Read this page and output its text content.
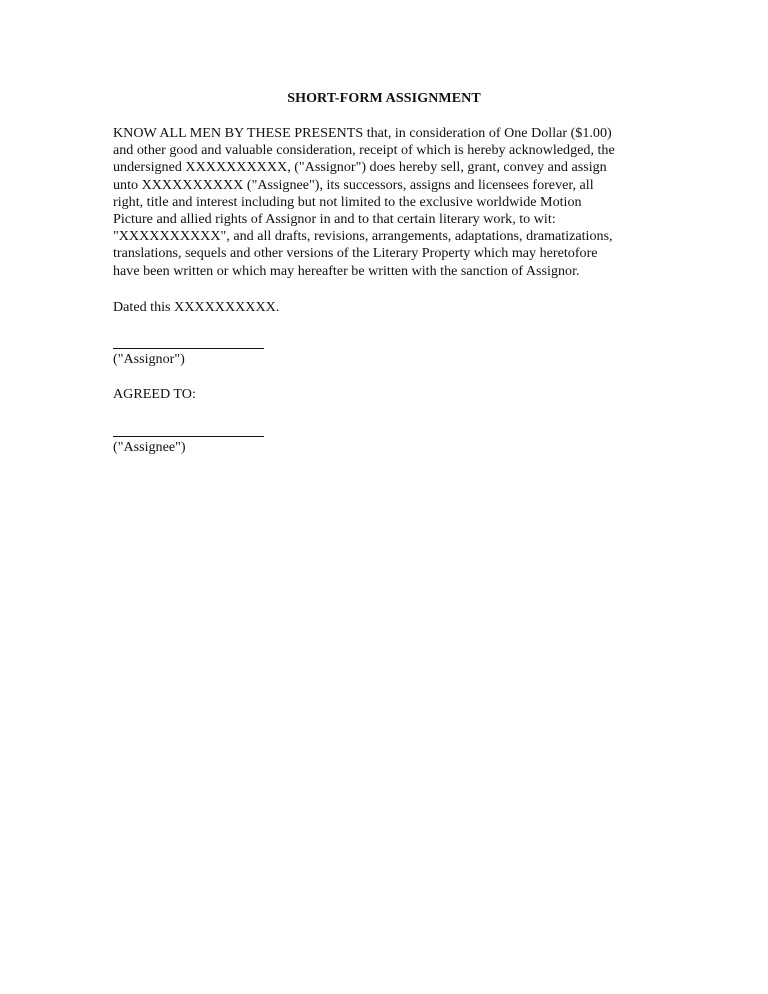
SHORT-FORM ASSIGNMENT
KNOW ALL MEN BY THESE PRESENTS that, in consideration of One Dollar ($1.00)
and other good and valuable consideration, receipt of which is hereby acknowledged, the
undersigned XXXXXXXXXX, ("Assignor") does hereby sell, grant, convey and assign
unto XXXXXXXXXX ("Assignee"), its successors, assigns and licensees forever, all
right, title and interest including but not limited to the exclusive worldwide Motion
Picture and allied rights of Assignor in and to that certain literary work, to wit:
"XXXXXXXXXX", and all drafts, revisions, arrangements, adaptations, dramatizations,
translations, sequels and other versions of the Literary Property which may heretofore
have been written or which may hereafter be written with the sanction of Assignor.
Dated this XXXXXXXXXX.
("Assignor")
AGREED TO:
("Assignee")
